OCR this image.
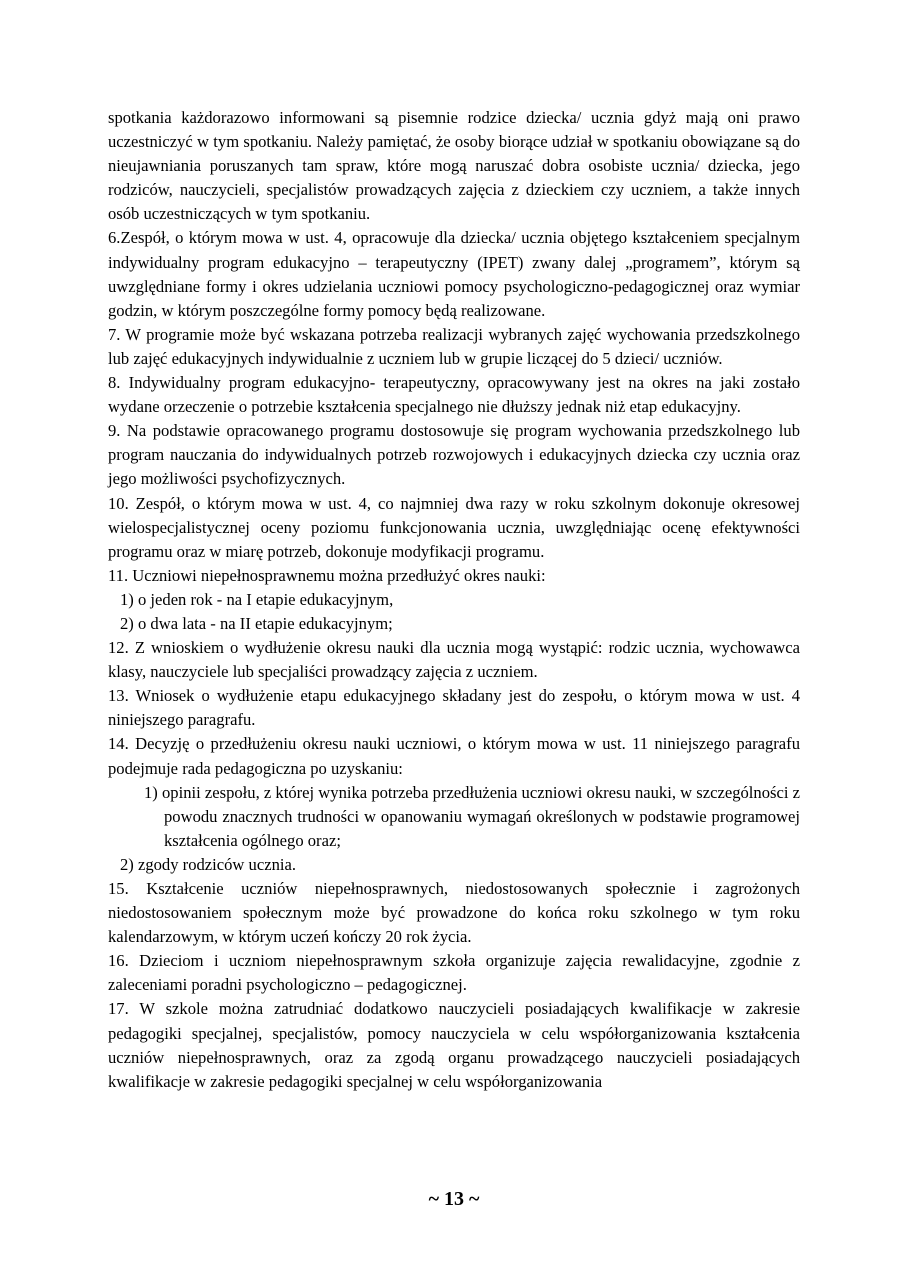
spotkania każdorazowo informowani są pisemnie rodzice dziecka/ ucznia gdyż mają oni prawo uczestniczyć w tym spotkaniu. Należy pamiętać, że osoby biorące udział w spotkaniu obowiązane są do nieujawniania poruszanych tam spraw, które mogą naruszać dobra osobiste ucznia/ dziecka, jego rodziców, nauczycieli, specjalistów prowadzących zajęcia z dzieckiem czy uczniem, a także innych osób uczestniczących w tym spotkaniu.

6.Zespół, o którym mowa w ust. 4, opracowuje dla dziecka/ ucznia objętego kształceniem specjalnym indywidualny program edukacyjno – terapeutyczny (IPET) zwany dalej „programem”, którym są uwzględniane formy i okres udzielania uczniowi pomocy psychologiczno-pedagogicznej oraz wymiar godzin, w którym poszczególne formy pomocy będą realizowane.

7. W programie może być wskazana potrzeba realizacji wybranych zajęć wychowania przedszkolnego lub zajęć edukacyjnych indywidualnie z uczniem lub w grupie liczącej do 5 dzieci/ uczniów.

8. Indywidualny program edukacyjno- terapeutyczny, opracowywany jest na okres na jaki zostało wydane orzeczenie o potrzebie kształcenia specjalnego nie dłuższy jednak niż etap edukacyjny.

9. Na podstawie opracowanego programu dostosowuje się program wychowania przedszkolnego lub program nauczania do indywidualnych potrzeb rozwojowych i edukacyjnych dziecka czy ucznia oraz jego możliwości psychofizycznych.

10. Zespół, o którym mowa w ust. 4, co najmniej dwa razy w roku szkolnym dokonuje okresowej wielospecjalistycznej oceny poziomu funkcjonowania ucznia, uwzględniając ocenę efektywności programu oraz w miarę potrzeb, dokonuje modyfikacji programu.

11. Uczniowi niepełnosprawnemu można przedłużyć okres nauki:

1) o jeden rok - na I etapie edukacyjnym,

2) o dwa lata - na II etapie edukacyjnym;

12. Z wnioskiem o wydłużenie okresu nauki dla ucznia mogą wystąpić: rodzic ucznia, wychowawca klasy, nauczyciele lub specjaliści prowadzący zajęcia z uczniem.

13. Wniosek o wydłużenie etapu edukacyjnego składany jest do zespołu, o którym mowa w ust. 4 niniejszego paragrafu.

14. Decyzję o przedłużeniu okresu nauki uczniowi, o którym mowa w ust. 11 niniejszego paragrafu podejmuje rada pedagogiczna po uzyskaniu:

1) opinii zespołu, z której wynika potrzeba przedłużenia uczniowi okresu nauki, w szczególności z powodu znacznych trudności w opanowaniu wymagań określonych w podstawie programowej kształcenia ogólnego oraz;

2) zgody rodziców ucznia.

15. Kształcenie uczniów niepełnosprawnych, niedostosowanych społecznie i zagrożonych niedostosowaniem społecznym może być prowadzone do końca roku szkolnego w tym roku kalendarzowym, w którym uczeń kończy 20 rok życia.

16. Dzieciom i uczniom niepełnosprawnym szkoła organizuje zajęcia rewalidacyjne, zgodnie z zaleceniami poradni psychologiczno – pedagogicznej.

17. W szkole można zatrudniać dodatkowo nauczycieli posiadających kwalifikacje w zakresie pedagogiki specjalnej, specjalistów, pomocy nauczyciela w celu współorganizowania kształcenia uczniów niepełnosprawnych, oraz za zgodą organu prowadzącego nauczycieli posiadających kwalifikacje w zakresie pedagogiki specjalnej w celu współorganizowania

~ 13 ~
